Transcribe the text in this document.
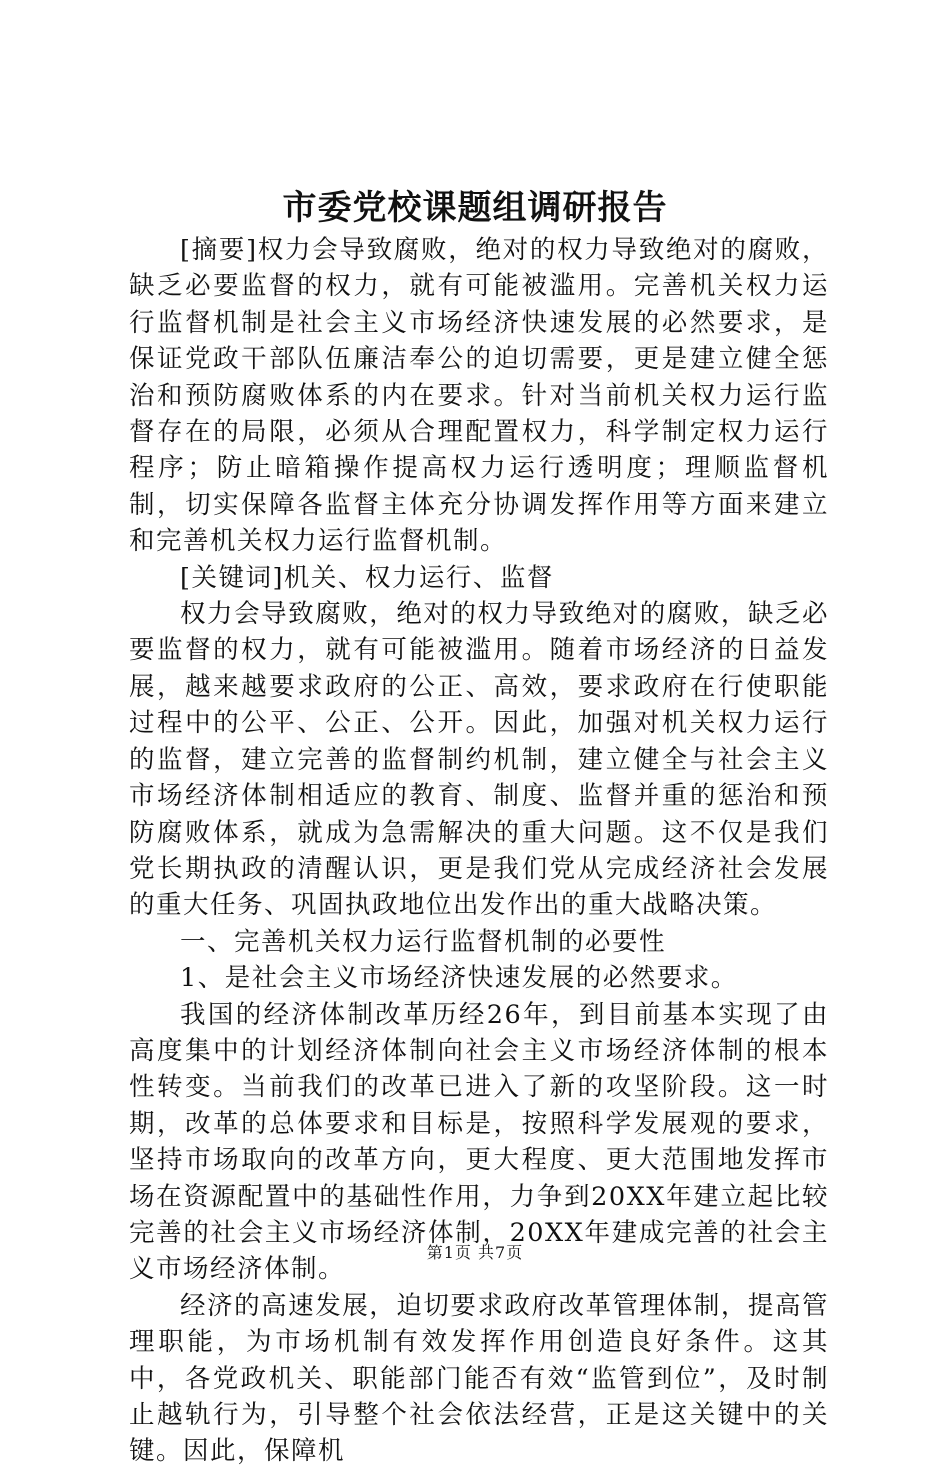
市委党校课题组调研报告

[摘要]权力会导致腐败，绝对的权力导致绝对的腐败，缺乏必要监督的权力，就有可能被滥用。完善机关权力运行监督机制是社会主义市场经济快速发展的必然要求，是保证党政干部队伍廉洁奉公的迫切需要，更是建立健全惩治和预防腐败体系的内在要求。针对当前机关权力运行监督存在的局限，必须从合理配置权力，科学制定权力运行程序；防止暗箱操作提高权力运行透明度；理顺监督机制，切实保障各监督主体充分协调发挥作用等方面来建立和完善机关权力运行监督机制。

[关键词]机关、权力运行、监督

权力会导致腐败，绝对的权力导致绝对的腐败，缺乏必要监督的权力，就有可能被滥用。随着市场经济的日益发展，越来越要求政府的公正、高效，要求政府在行使职能过程中的公平、公正、公开。因此，加强对机关权力运行的监督，建立完善的监督制约机制，建立健全与社会主义市场经济体制相适应的教育、制度、监督并重的惩治和预防腐败体系，就成为急需解决的重大问题。这不仅是我们党长期执政的清醒认识，更是我们党从完成经济社会发展的重大任务、巩固执政地位出发作出的重大战略决策。

一、完善机关权力运行监督机制的必要性

1、是社会主义市场经济快速发展的必然要求。

我国的经济体制改革历经26年，到目前基本实现了由高度集中的计划经济体制向社会主义市场经济体制的根本性转变。当前我们的改革已进入了新的攻坚阶段。这一时期，改革的总体要求和目标是，按照科学发展观的要求，坚持市场取向的改革方向，更大程度、更大范围地发挥市场在资源配置中的基础性作用，力争到20XX年建立起比较完善的社会主义市场经济体制，20XX年建成完善的社会主义市场经济体制。

经济的高速发展，迫切要求政府改革管理体制，提高管理职能，为市场机制有效发挥作用创造良好条件。这其中，各党政机关、职能部门能否有效“监管到位”，及时制止越轨行为，引导整个社会依法经营，正是这关键中的关键。因此，保障机

第1页 共7页
